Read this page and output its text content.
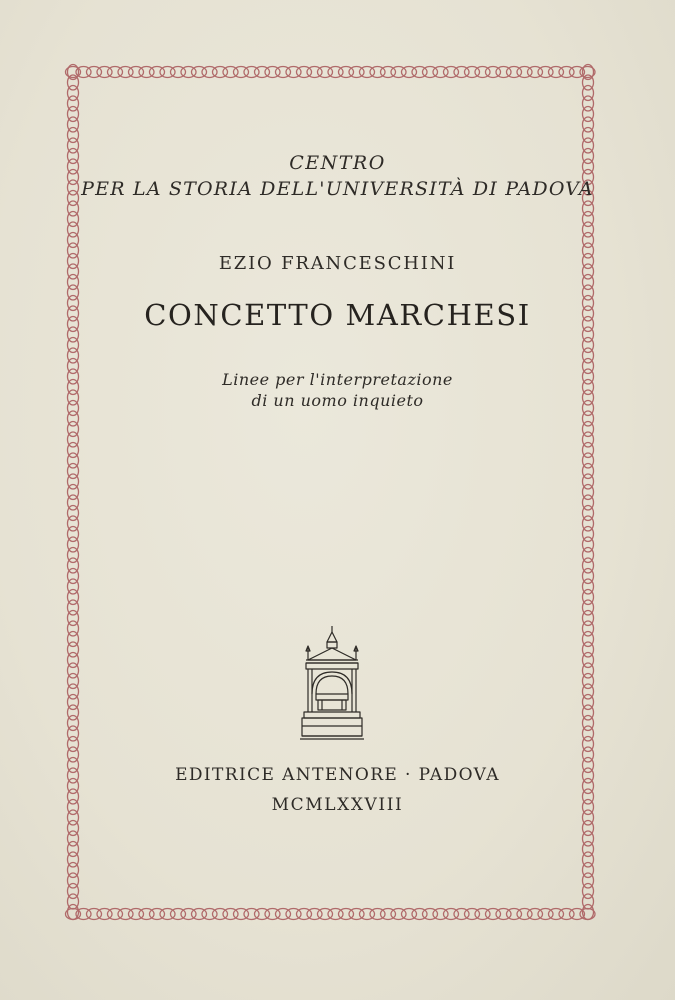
CENTRO
PER LA STORIA DELL'UNIVERSITÀ DI PADOVA
EZIO FRANCESCHINI
CONCETTO MARCHESI
Linee per l'interpretazione
di un uomo inquieto
EDITRICE ANTENORE · PADOVA
MCMLXXVIII
